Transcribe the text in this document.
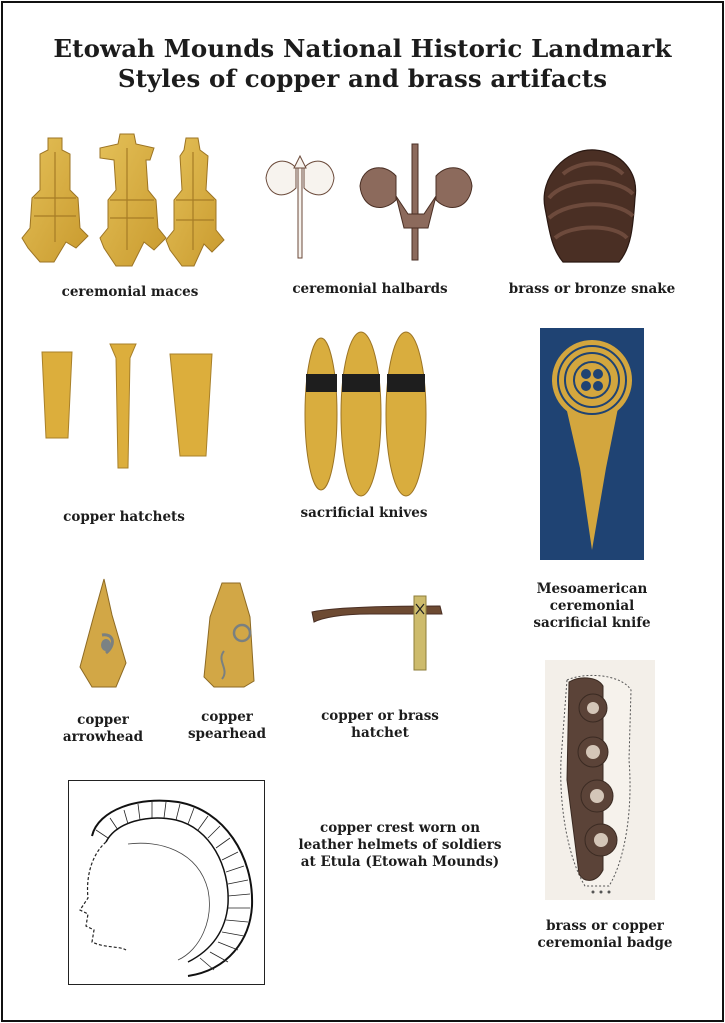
Etowah Mounds National Historic Landmark
Styles of copper and brass artifacts
ceremonial maces	ceremonial halbards	brass or bronze snake
copper hatchets	sacrificial knives
Mesoamerican
ceremonial
sacrificial knife
copper
arrowhead
copper
spearhead
copper or brass
hatchet
copper crest worn on
leather helmets of soldiers
at Etula (Etowah Mounds)
brass or copper
ceremonial badge
